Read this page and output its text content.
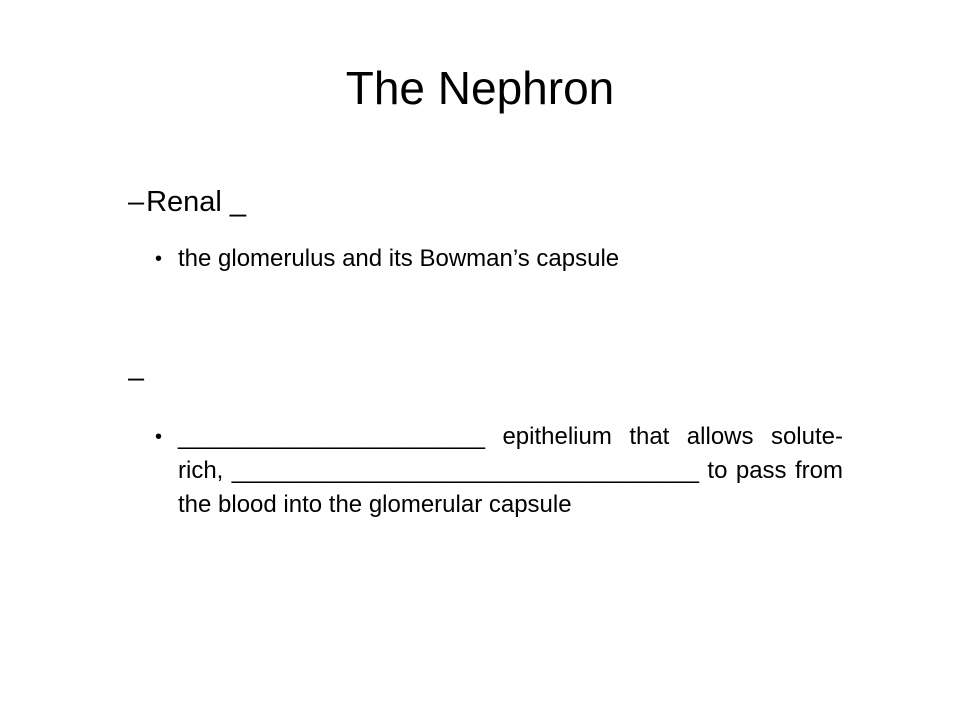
The Nephron
– Renal _
• the glomerulus and its Bowman’s capsule
–
• _______________________ epithelium that allows solute-rich, ___________________________________ to pass from the blood into the glomerular capsule
